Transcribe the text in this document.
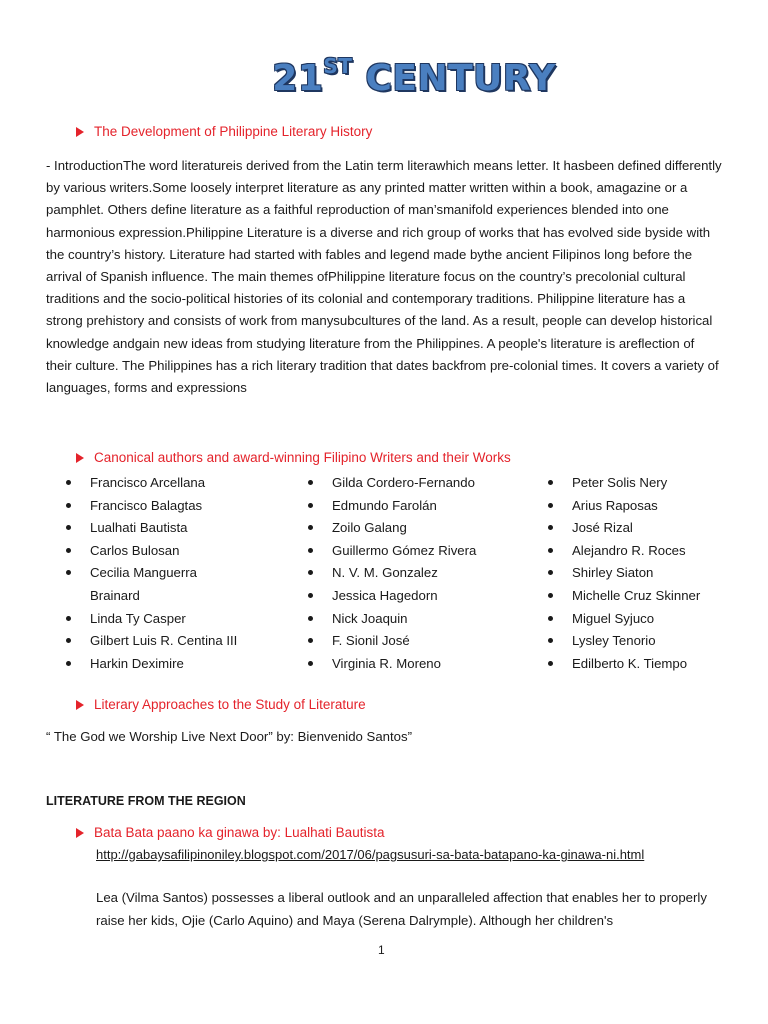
21ST CENTURY
The Development of Philippine Literary History
- IntroductionThe word literatureis derived from the Latin term literawhich means letter. It hasbeen defined differently by various writers.Some loosely interpret literature as any printed matter written within a book, amagazine or a pamphlet. Others define literature as a faithful reproduction of man’smanifold experiences blended into one harmonious expression.Philippine Literature is a diverse and rich group of works that has evolved side byside with the country’s history. Literature had started with fables and legend made bythe ancient Filipinos long before the arrival of Spanish influence. The main themes ofPhilippine literature focus on the country’s precolonial cultural traditions and the socio-political histories of its colonial and contemporary traditions. Philippine literature has a strong prehistory and consists of work from manysubcultures of the land. As a result, people can develop historical knowledge andgain new ideas from studying literature from the Philippines. A people's literature is areflection of their culture. The Philippines has a rich literary tradition that dates backfrom pre-colonial times. It covers a variety of languages, forms and expressions
Canonical authors and award-winning Filipino Writers and their Works
Francisco Arcellana
Francisco Balagtas
Lualhati Bautista
Carlos Bulosan
Cecilia Manguerra Brainard
Linda Ty Casper
Gilbert Luis R. Centina III
Harkin Deximire
Gilda Cordero-Fernando
Edmundo Farolán
Zoilo Galang
Guillermo Gómez Rivera
N. V. M. Gonzalez
Jessica Hagedorn
Nick Joaquin
F. Sionil José
Virginia R. Moreno
Peter Solis Nery
Arius Raposas
José Rizal
Alejandro R. Roces
Shirley Siaton
Michelle Cruz Skinner
Miguel Syjuco
Lysley Tenorio
Edilberto K. Tiempo
Literary Approaches to the Study of Literature
“ The God we Worship Live Next Door” by: Bienvenido Santos”
LITERATURE FROM THE REGION
Bata Bata paano ka ginawa by: Lualhati Bautista
http://gabaysafilipinoniley.blogspot.com/2017/06/pagsusuri-sa-bata-batapano-ka-ginawa-ni.html
Lea (Vilma Santos) possesses a liberal outlook and an unparalleled affection that enables her to properly raise her kids, Ojie (Carlo Aquino) and Maya (Serena Dalrymple). Although her children's
1
